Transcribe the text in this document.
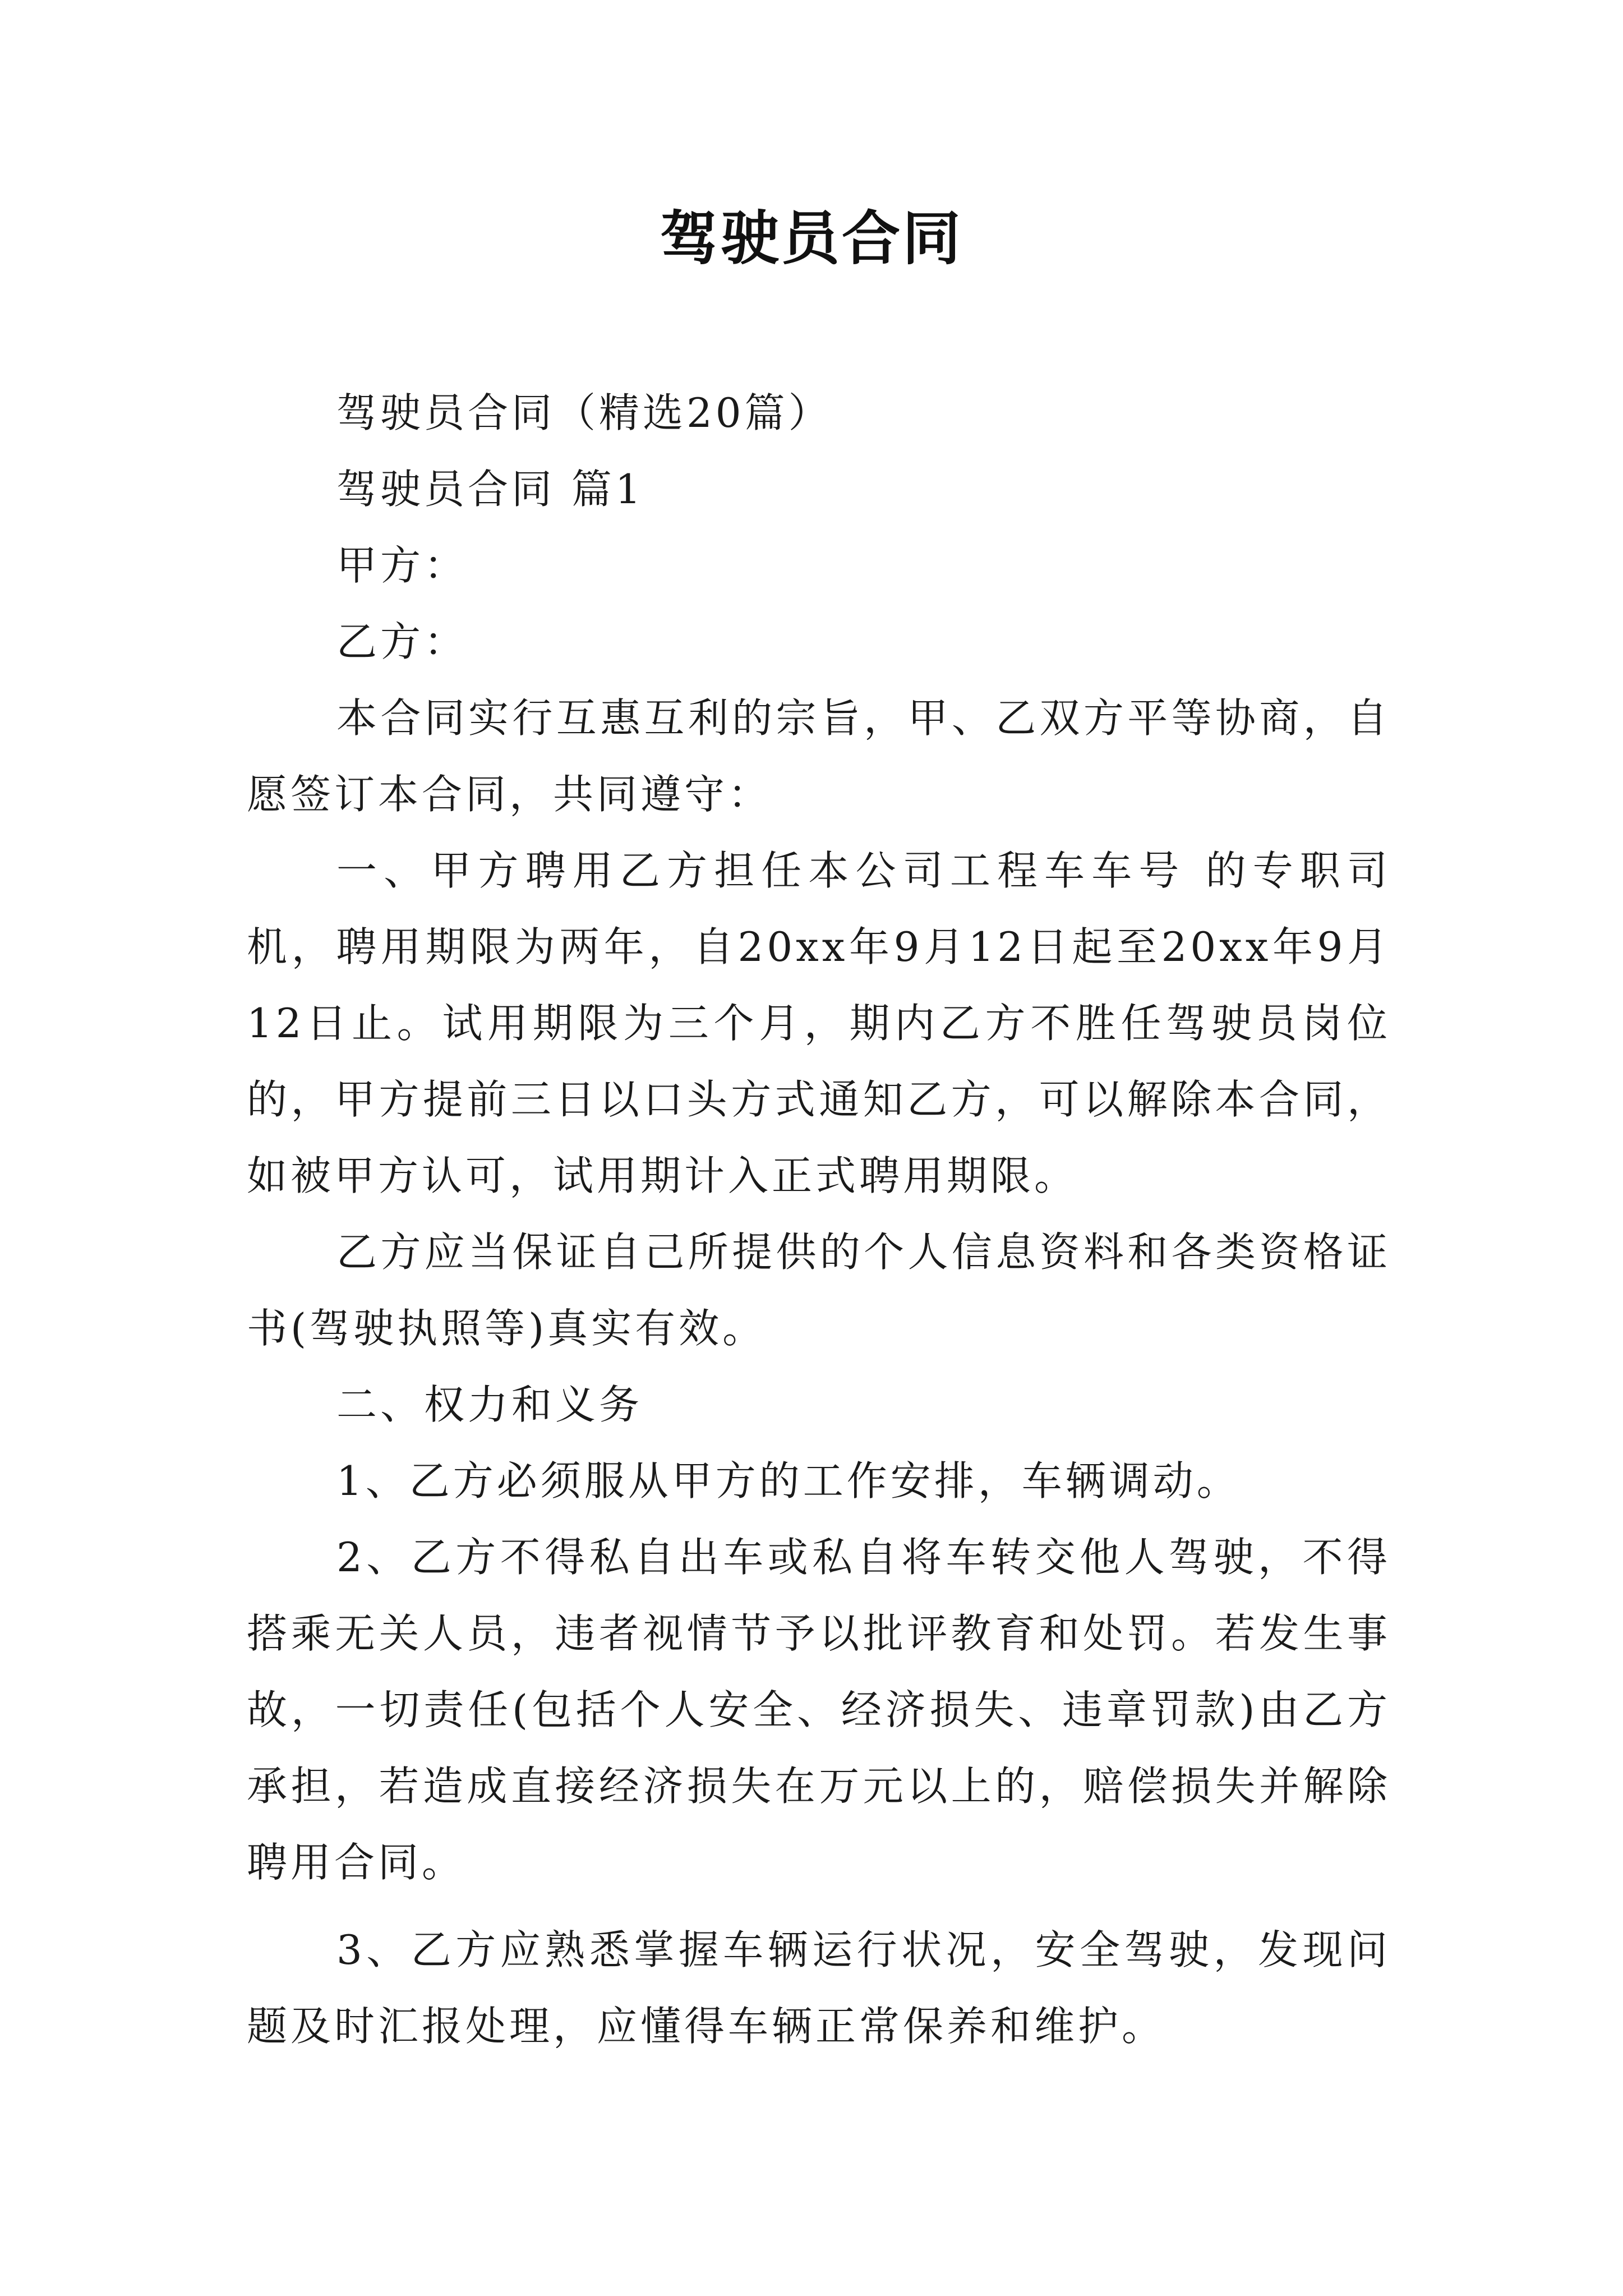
驾驶员合同

驾驶员合同（精选20篇）

驾驶员合同 篇1

甲方：

乙方：

本合同实行互惠互利的宗旨，甲、乙双方平等协商，自愿签订本合同，共同遵守：

一、甲方聘用乙方担任本公司工程车车号 的专职司机，聘用期限为两年，自20xx年9月12日起至20xx年9月12日止。试用期限为三个月，期内乙方不胜任驾驶员岗位的，甲方提前三日以口头方式通知乙方，可以解除本合同，如被甲方认可，试用期计入正式聘用期限。

乙方应当保证自己所提供的个人信息资料和各类资格证书(驾驶执照等)真实有效。

二、权力和义务

1、乙方必须服从甲方的工作安排，车辆调动。

2、乙方不得私自出车或私自将车转交他人驾驶，不得搭乘无关人员，违者视情节予以批评教育和处罚。若发生事故，一切责任(包括个人安全、经济损失、违章罚款)由乙方承担，若造成直接经济损失在万元以上的，赔偿损失并解除聘用合同。

3、乙方应熟悉掌握车辆运行状况，安全驾驶，发现问题及时汇报处理，应懂得车辆正常保养和维护。
